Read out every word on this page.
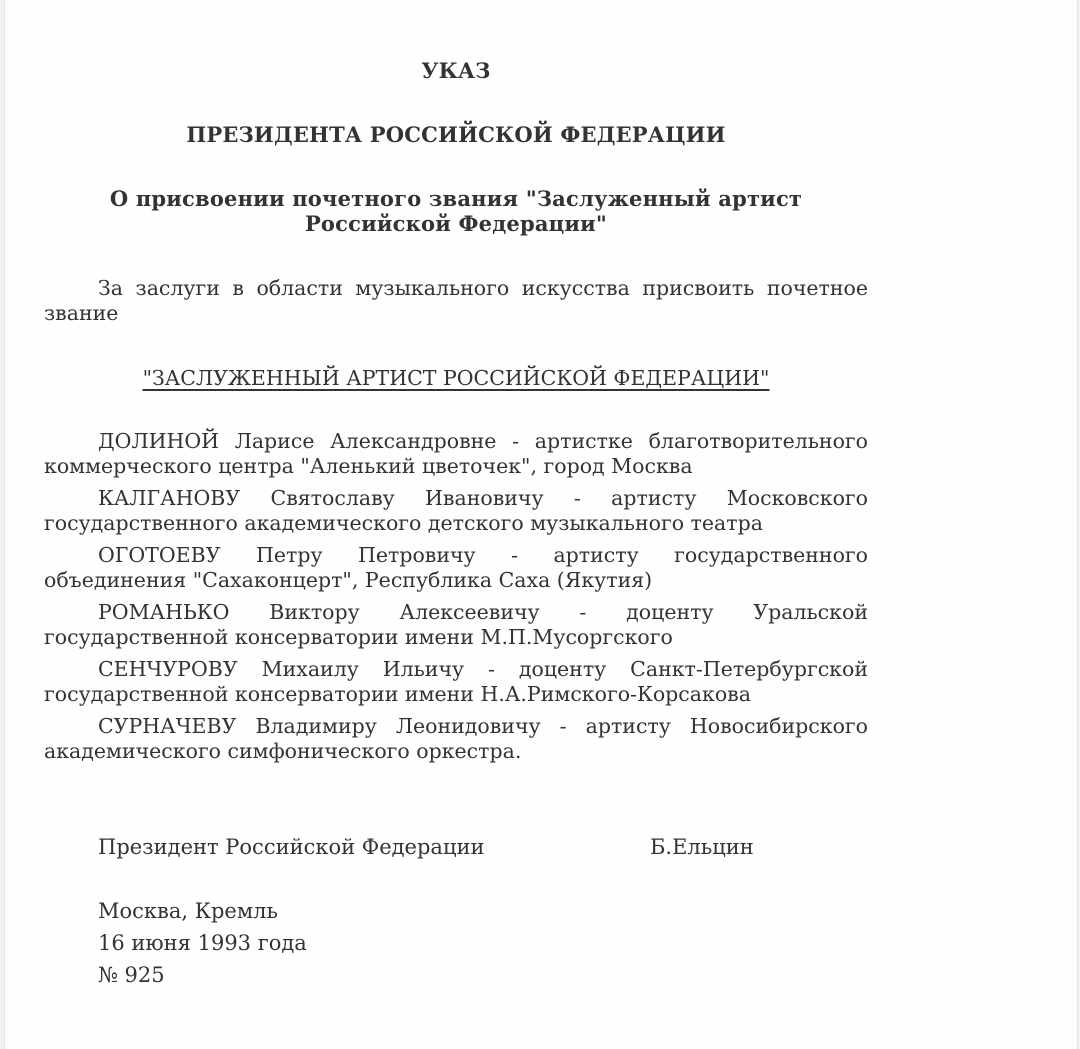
УКАЗ
ПРЕЗИДЕНТА РОССИЙСКОЙ ФЕДЕРАЦИИ
О присвоении почетного звания "Заслуженный артист
Российской Федерации"

За заслуги в области музыкального искусства присвоить почетное звание

"ЗАСЛУЖЕННЫЙ АРТИСТ РОССИЙСКОЙ ФЕДЕРАЦИИ"

ДОЛИНОЙ Ларисе Александровне - артистке благотворительного коммерческого центра "Аленький цветочек", город Москва

КАЛГАНОВУ Святославу Ивановичу - артисту Московского государственного академического детского музыкального театра

ОГОТОЕВУ Петру Петровичу - артисту государственного объединения "Сахаконцерт", Республика Саха (Якутия)

РОМАНЬКО Виктору Алексеевичу - доценту Уральской государственной консерватории имени М.П.Мусоргского

СЕНЧУРОВУ Михаилу Ильичу - доценту Санкт-Петербургской государственной консерватории имени Н.А.Римского-Корсакова

СУРНАЧЕВУ Владимиру Леонидовичу - артисту Новосибирского академического симфонического оркестра.

Президент Российской Федерации	Б.Ельцин
Москва, Кремль
16 июня 1993 года
№ 925
